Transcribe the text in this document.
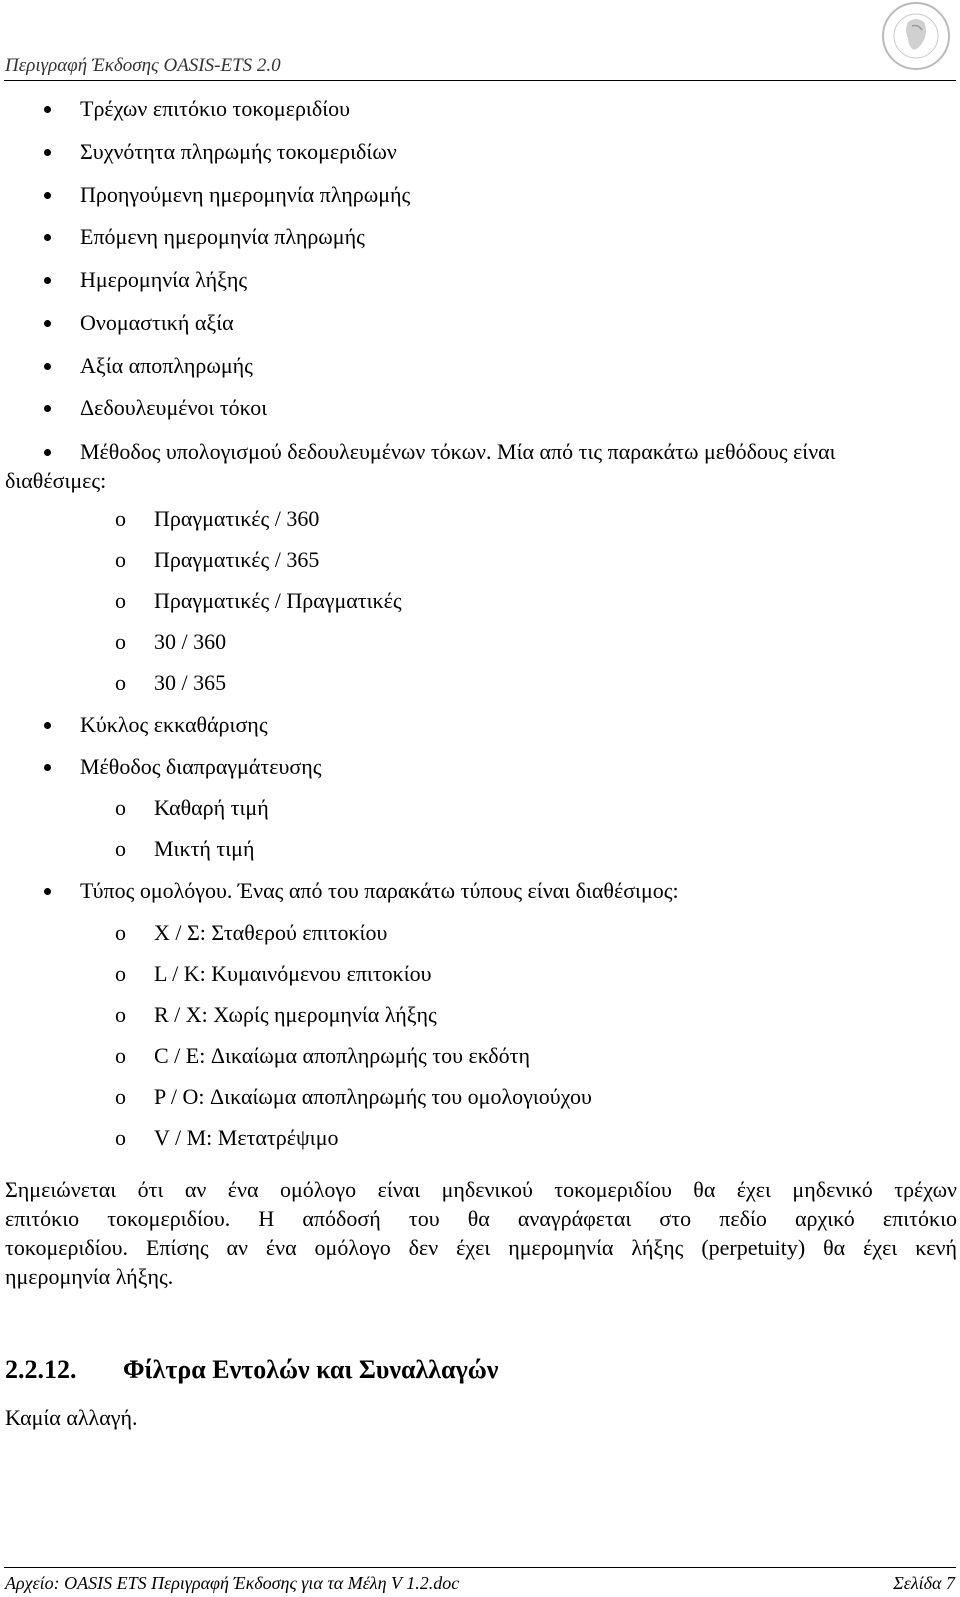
Περιγραφή Έκδοσης OASIS-ETS 2.0
Τρέχων επιτόκιο τοκομεριδίου
Συχνότητα πληρωμής τοκομεριδίων
Προηγούμενη ημερομηνία πληρωμής
Επόμενη ημερομηνία πληρωμής
Ημερομηνία λήξης
Ονομαστική αξία
Αξία αποπληρωμής
Δεδουλευμένοι τόκοι
Μέθοδος υπολογισμού δεδουλευμένων τόκων. Μία από τις παρακάτω μεθόδους είναι
διαθέσιμες:
o Πραγματικές / 360
o Πραγματικές / 365
o Πραγματικές / Πραγματικές
o 30 / 360
o 30 / 365
Κύκλος εκκαθάρισης
Μέθοδος διαπραγμάτευσης
o Καθαρή τιμή
o Μικτή τιμή
Τύπος ομολόγου. Ένας από του παρακάτω τύπους είναι διαθέσιμος:
o X / Σ: Σταθερού επιτοκίου
o L / K: Κυμαινόμενου επιτοκίου
o R / X: Χωρίς ημερομηνία λήξης
o C / E: Δικαίωμα αποπληρωμής του εκδότη
o P / O: Δικαίωμα αποπληρωμής του ομολογιούχου
o V / M: Μετατρέψιμο
Σημειώνεται ότι αν ένα ομόλογο είναι μηδενικού τοκομεριδίου θα έχει μηδενικό τρέχων
επιτόκιο τοκομεριδίου. Η απόδοσή του θα αναγράφεται στο πεδίο αρχικό επιτόκιο
τοκομεριδίου. Επίσης αν ένα ομόλογο δεν έχει ημερομηνία λήξης (perpetuity) θα έχει κενή
ημερομηνία λήξης.
2.2.12. Φίλτρα Εντολών και Συναλλαγών
Καμία αλλαγή.
Αρχείο: OASIS ETS Περιγραφή Έκδοσης για τα Μέλη V 1.2.doc	Σελίδα 7
